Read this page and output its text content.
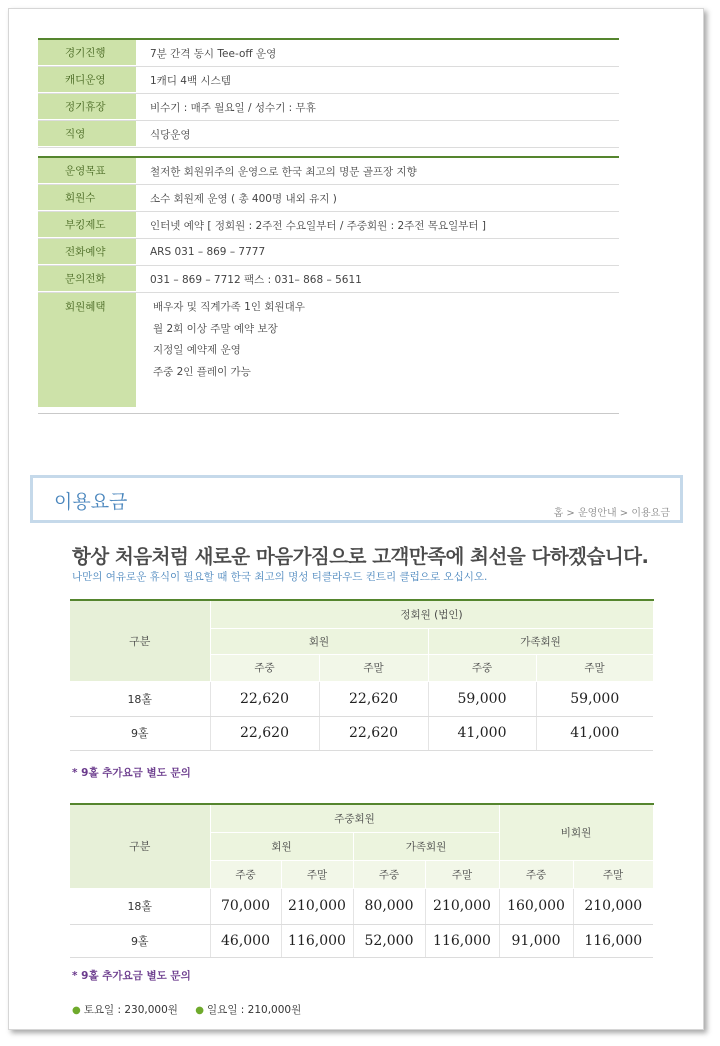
경기진행	7분 간격 동시 Tee-off 운영
캐디운영	1캐디 4백 시스템
정기휴장	비수기 : 매주 월요일 / 성수기 : 무휴
직영	식당운영
운영목표	철저한 회원위주의 운영으로 한국 최고의 명문 골프장 지향
회원수	소수 회원제 운영 ( 총 400명 내외 유지 )
부킹제도	인터넷 예약 [ 정회원 : 2주전 수요일부터 / 주중회원 : 2주전 목요일부터 ]
전화예약	ARS 031 – 869 – 7777
문의전화	031 – 869 – 7712 팩스 : 031– 868 – 5611
회원혜택	배우자 및 직계가족 1인 회원대우
월 2회 이상 주말 예약 보장
지정일 예약제 운영
주중 2인 플레이 가능
이용요금
홈 > 운영안내 > 이용요금
항상 처음처럼 새로운 마음가짐으로 고객만족에 최선을 다하겠습니다.
나만의 여유로운 휴식이 필요할 때 한국 최고의 명성 티클라우드 컨트리 클럽으로 오십시오.
구분	정회원 (법인)			
	회원		가족회원	
	주중	주말	주중	주말
18홀	22,620	22,620	59,000	59,000
9홀	22,620	22,620	41,000	41,000
* 9홀 추가요금 별도 문의
구분	주중회원				비회원	
	회원		가족회원			
	주중	주말	주중	주말	주중	주말
18홀	70,000	210,000	80,000	210,000	160,000	210,000
9홀	46,000	116,000	52,000	116,000	91,000	116,000
* 9홀 추가요금 별도 문의
● 토요일 : 230,000원 ● 일요일 : 210,000원
